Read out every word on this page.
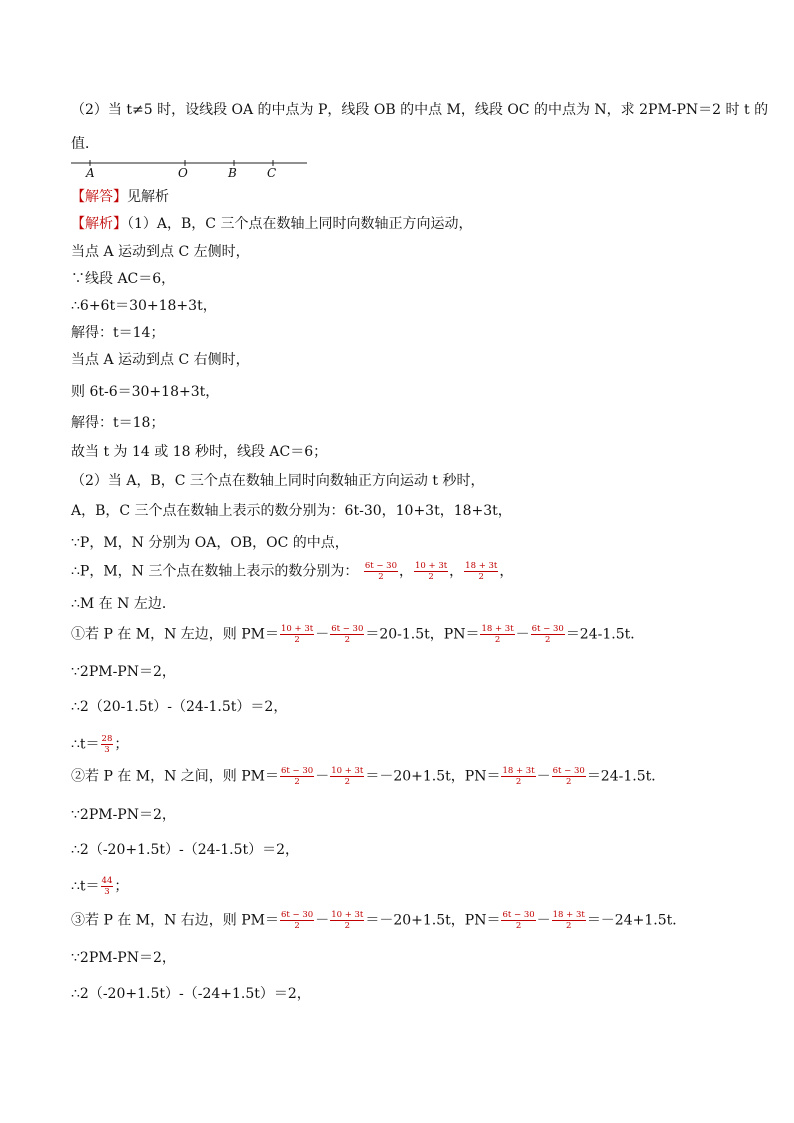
（2）当 t≠5 时，设线段 OA 的中点为 P，线段 OB 的中点 M，线段 OC 的中点为 N，求 2PM-PN＝2 时 t 的
值．
A	O	B	C
【解答】见解析
【解析】（1）A，B，C 三个点在数轴上同时向数轴正方向运动，
当点 A 运动到点 C 左侧时，
∵线段 AC＝6，
∴6+6t＝30+18+3t，
解得：t＝14；
当点 A 运动到点 C 右侧时，
则 6t-6＝30+18+3t，
解得：t＝18；
故当 t 为 14 或 18 秒时，线段 AC＝6；
（2）当 A，B，C 三个点在数轴上同时向数轴正方向运动 t 秒时，
A，B，C 三个点在数轴上表示的数分别为：6t-30，10+3t，18+3t，
∵P，M，N 分别为 OA，OB，OC 的中点，
∴P，M，N 三个点在数轴上表示的数分别为： $\frac{6t - 30}{2}$ ， $\frac{10 + 3t}{2}$ ， $\frac{18 + 3t}{2}$ ，
∴M 在 N 左边．
①若 P 在 M，N 左边，则 $PM= \frac{10 + 3t}{2} - \frac{6t - 30}{2} =20-1.5t$，$PN= \frac{18 + 3t}{2} - \frac{6t - 30}{2} =24-1.5t$．
∵2PM-PN＝2，
∴2（20-1.5t）-（24-1.5t）＝2，
∴t＝ $\frac{28}{3}$ ；
②若 P 在 M，N 之间，则 $PM= \frac{6t - 30}{2} - \frac{10 + 3t}{2} =-20+1.5t$，$PN= \frac{18 + 3t}{2} - \frac{6t - 30}{2} =24-1.5t$．
∵2PM-PN＝2，
∴2（-20+1.5t）-（24-1.5t）＝2，
∴t＝ $\frac{44}{3}$ ；
③若 P 在 M，N 右边，则 $PM= \frac{6t - 30}{2} - \frac{10 + 3t}{2} =-20+1.5t$，$PN= \frac{6t - 30}{2} - \frac{18 + 3t}{2} =-24+1.5t$．
∵2PM-PN＝2，
∴2（-20+1.5t）-（-24+1.5t）＝2，
